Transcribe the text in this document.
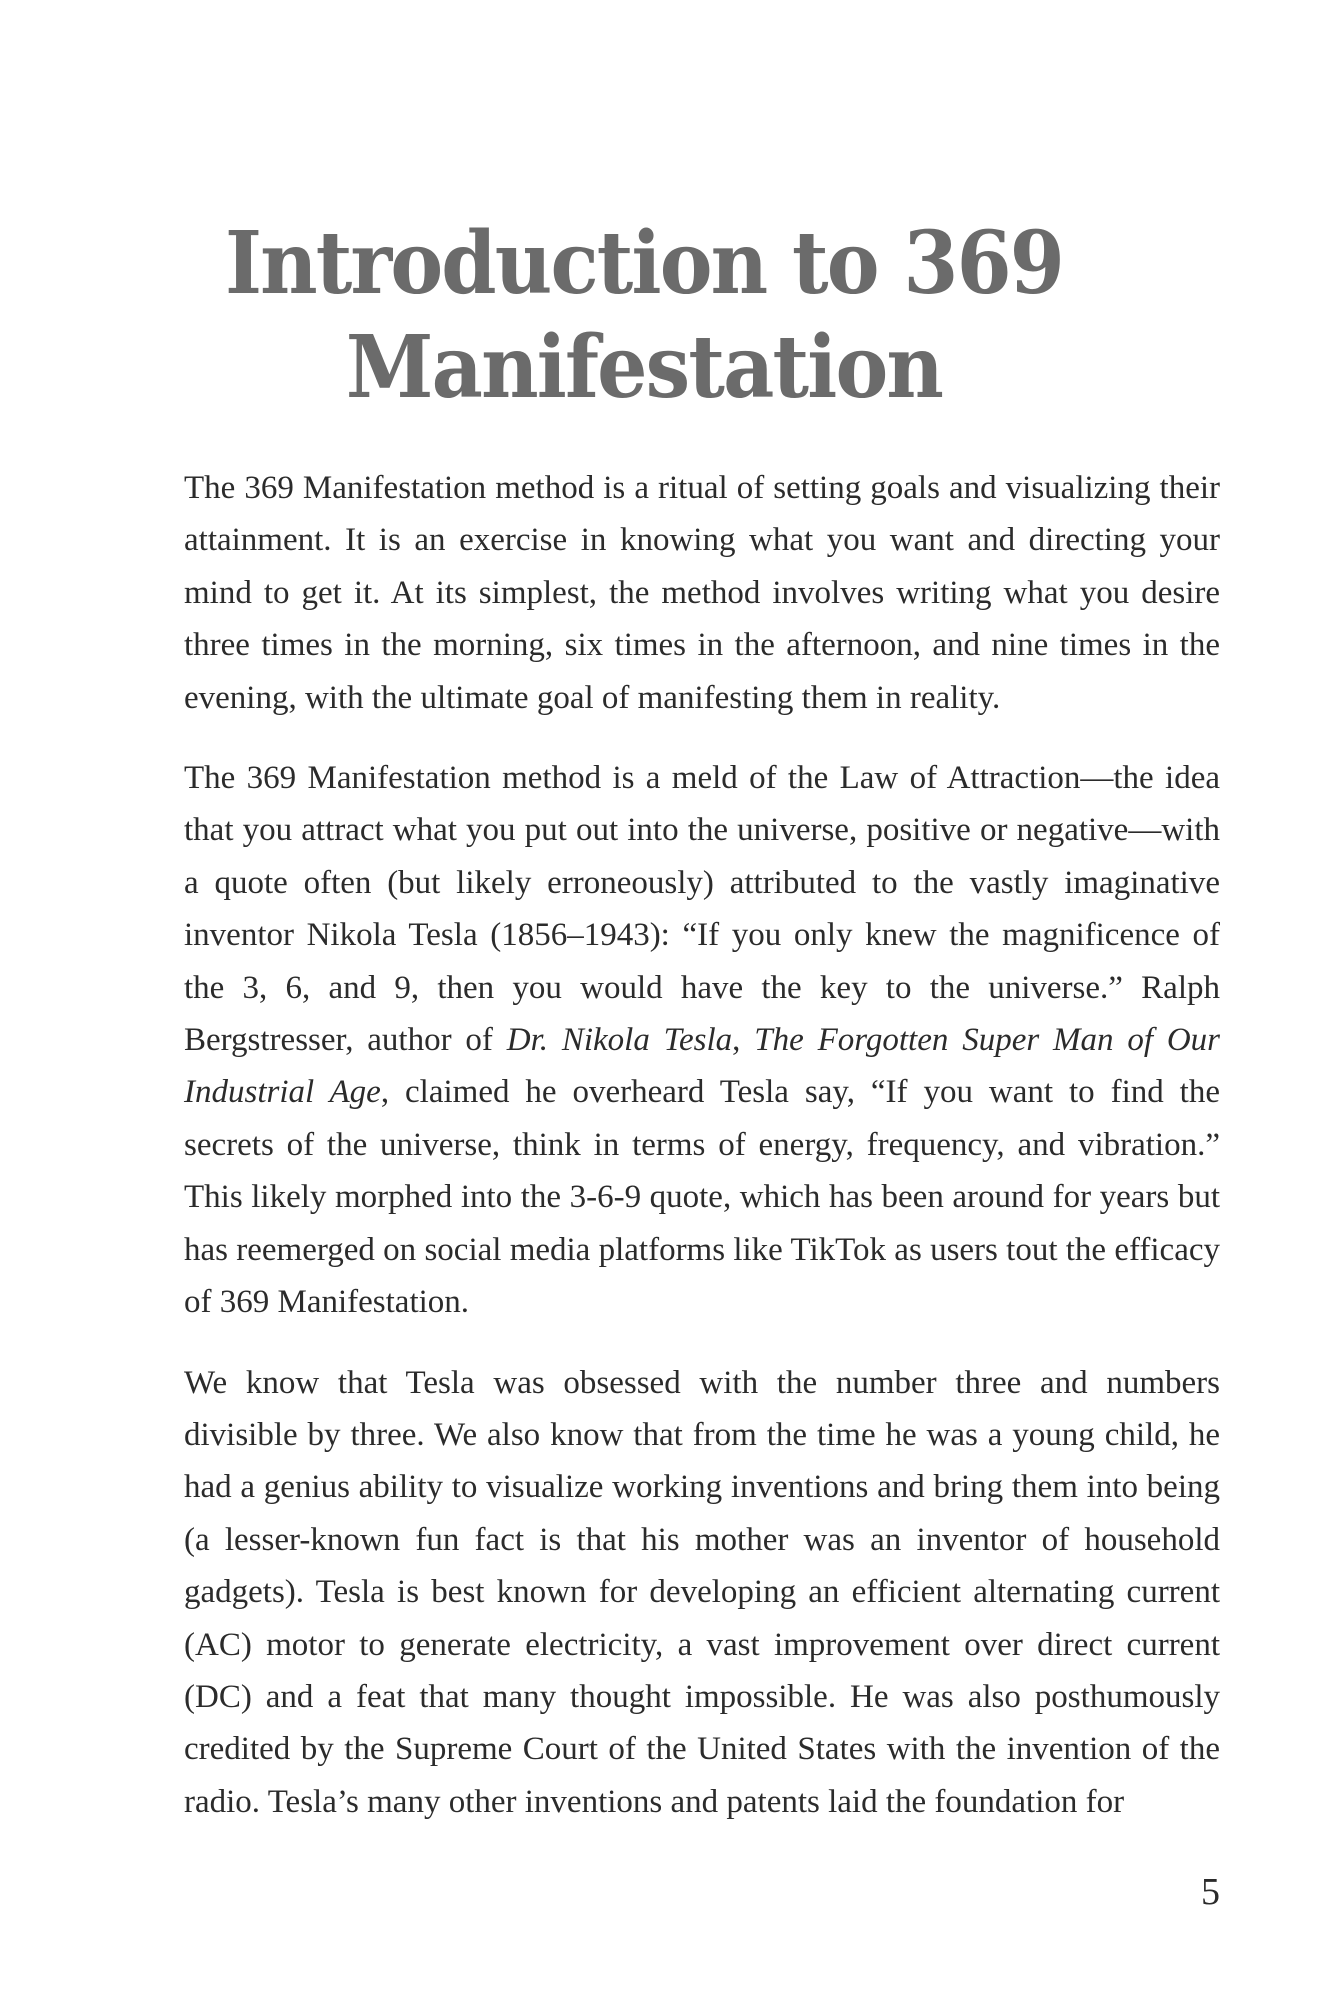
Introduction to 369
Manifestation

The 369 Manifestation method is a ritual of setting goals and visualizing their attainment. It is an exercise in knowing what you want and directing your mind to get it. At its simplest, the method involves writing what you desire three times in the morning, six times in the afternoon, and nine times in the evening, with the ultimate goal of manifesting them in reality.

The 369 Manifestation method is a meld of the Law of Attraction—the idea that you attract what you put out into the universe, positive or negative—with a quote often (but likely erroneously) attributed to the vastly imaginative inventor Nikola Tesla (1856–1943): “If you only knew the magnificence of the 3, 6, and 9, then you would have the key to the universe.” Ralph Bergstresser, author of Dr. Nikola Tesla, The Forgotten Super Man of Our Industrial Age, claimed he overheard Tesla say, “If you want to find the secrets of the universe, think in terms of energy, frequency, and vibration.” This likely morphed into the 3-6-9 quote, which has been around for years but has reemerged on social media platforms like TikTok as users tout the efficacy of 369 Manifestation.

We know that Tesla was obsessed with the number three and numbers divisible by three. We also know that from the time he was a young child, he had a genius ability to visualize working inventions and bring them into being (a lesser-known fun fact is that his mother was an inventor of household gadgets). Tesla is best known for developing an efficient alternating current (AC) motor to generate electricity, a vast improvement over direct current (DC) and a feat that many thought impossible. He was also posthumously credited by the Supreme Court of the United States with the invention of the radio. Tesla’s many other inventions and patents laid the foundation for

5
